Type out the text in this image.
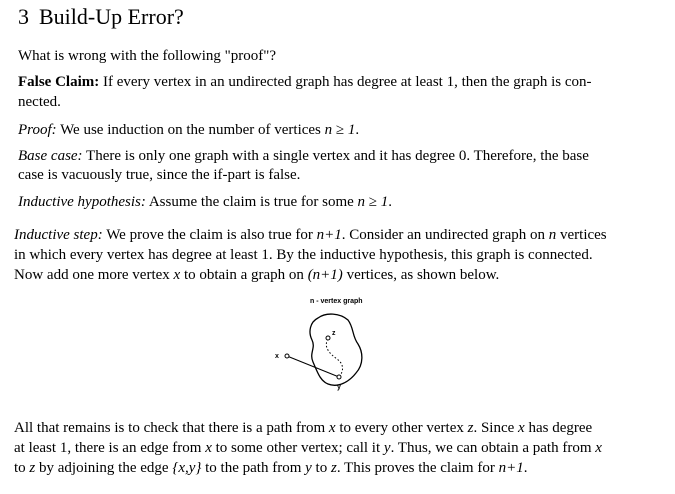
3 Build-Up Error?
What is wrong with the following "proof"?
False Claim: If every vertex in an undirected graph has degree at least 1, then the graph is con-
nected.
Proof: We use induction on the number of vertices n ≥ 1.
Base case: There is only one graph with a single vertex and it has degree 0. Therefore, the base
case is vacuously true, since the if-part is false.
Inductive hypothesis: Assume the claim is true for some n ≥ 1.
Inductive step: We prove the claim is also true for n+1. Consider an undirected graph on n vertices
in which every vertex has degree at least 1. By the inductive hypothesis, this graph is connected.
Now add one more vertex x to obtain a graph on (n+1) vertices, as shown below.
n - vertex graph
x
z
y
All that remains is to check that there is a path from x to every other vertex z. Since x has degree
at least 1, there is an edge from x to some other vertex; call it y. Thus, we can obtain a path from x
to z by adjoining the edge {x,y} to the path from y to z. This proves the claim for n+1.
